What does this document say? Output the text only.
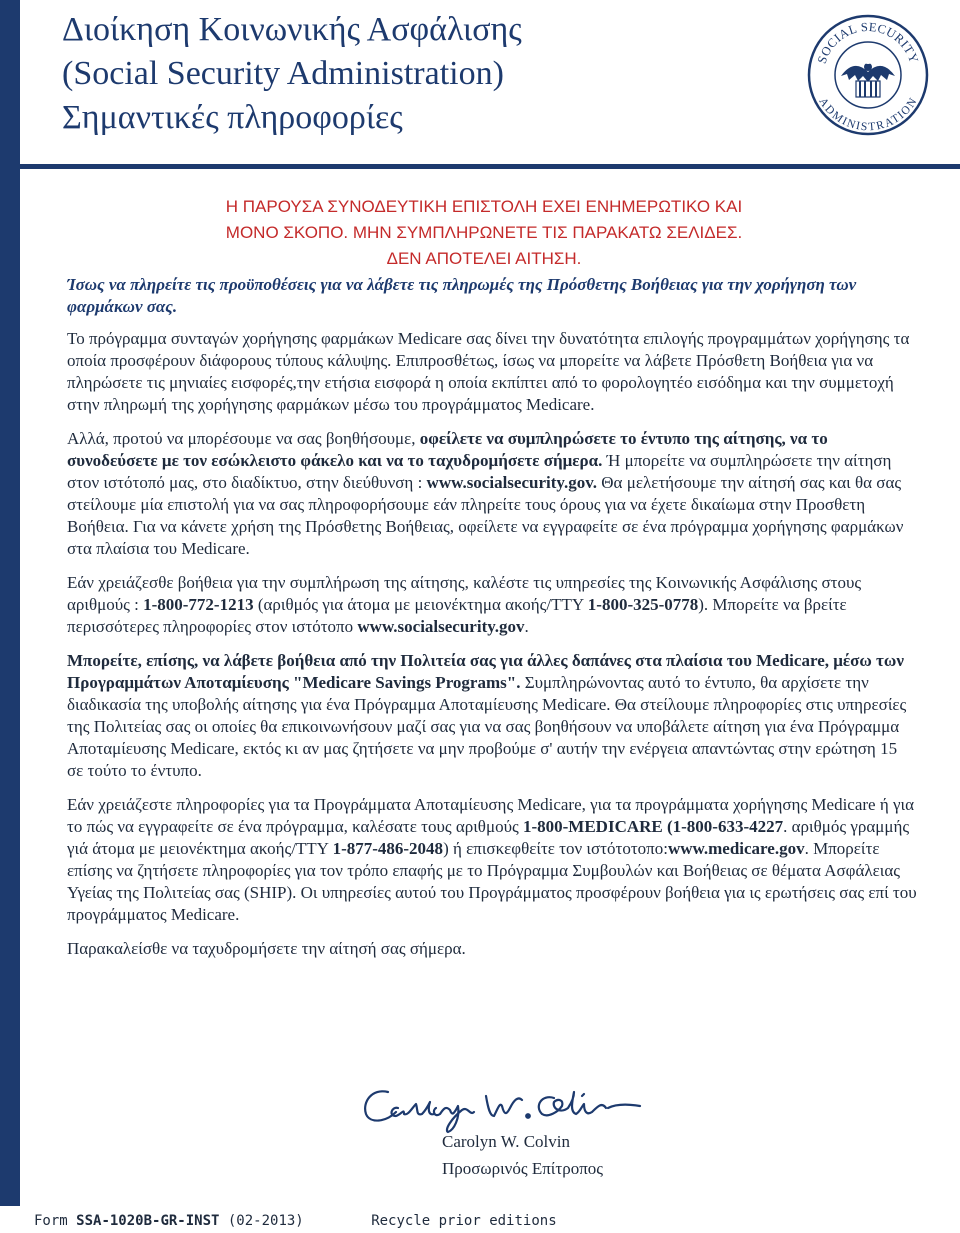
Διοίκηση Κοινωνικής Ασφάλισης
(Social Security Administration)
Σημαντικές πληροφορίες
SOCIAL SECURITY
ADMINISTRATION
USA
Η ΠΑΡΟΥΣΑ ΣΥΝΟΔΕΥΤΙΚΗ ΕΠΙΣΤΟΛΗ ΕΧΕΙ ΕΝΗΜΕΡΩΤΙΚΟ ΚΑΙ
ΜΟΝΟ ΣΚΟΠΟ. ΜΗΝ ΣΥΜΠΛΗΡΩΝΕΤΕ ΤΙΣ ΠΑΡΑΚΑΤΩ ΣΕΛΙΔΕΣ.
ΔΕΝ ΑΠΟΤΕΛΕΙ ΑΙΤΗΣΗ.

Ίσως να πληρείτε τις προϋποθέσεις για να λάβετε τις πληρωμές της Πρόσθετης Βοήθειας για την χορήγηση των φαρμάκων σας.

Το πρόγραμμα συνταγών χορήγησης φαρμάκων Medicare σας δίνει την δυνατότητα επιλογής προγραμμάτων χορήγησης τα οποία προσφέρουν διάφορους τύπους κάλυψης. Επιπροσθέτως, ίσως να μπορείτε να λάβετε Πρόσθετη Βοήθεια για να πληρώσετε τις μηνιαίες εισφορές,την ετήσια εισφορά η οποία εκπίπτει από το φορολογητέο εισόδημα και την συμμετοχή στην πληρωμή της χορήγησης φαρμάκων μέσω του προγράμματος Medicare.

Αλλά, προτού να μπορέσουμε να σας βοηθήσουμε, οφείλετε να συμπληρώσετε το έντυπο της αίτησης, να το συνοδεύσετε με τον εσώκλειστο φάκελο και να το ταχυδρομήσετε σήμερα. Ή μπορείτε να συμπληρώσετε την αίτηση στον ιστότοπό μας, στο διαδίκτυο, στην διεύθυνση : www.socialsecurity.gov. Θα μελετήσουμε την αίτησή σας και θα σας στείλουμε μία επιστολή για να σας πληροφορήσουμε εάν πληρείτε τους όρους για να έχετε δικαίωμα στην Προσθετη Βοήθεια. Για να κάνετε χρήση της Πρόσθετης Βοήθειας, οφείλετε να εγγραφείτε σε ένα πρόγραμμα χορήγησης φαρμάκων στα πλαίσια του Medicare.

Εάν χρειάζεσθε βοήθεια για την συμπλήρωση της αίτησης, καλέστε τις υπηρεσίες της Κοινωνικής Ασφάλισης στους αριθμούς : 1-800-772-1213 (αριθμός για άτομα με μειονέκτημα ακοής/TTY 1-800-325-0778). Μπορείτε να βρείτε περισσότερες πληροφορίες στον ιστότοπο www.socialsecurity.gov.

Μπορείτε, επίσης, να λάβετε βοήθεια από την Πολιτεία σας για άλλες δαπάνες στα πλαίσια του Medicare, μέσω των Προγραμμάτων Αποταμίευσης "Medicare Savings Programs". Συμπληρώνοντας αυτό το έντυπο, θα αρχίσετε την διαδικασία της υποβολής αίτησης για ένα Πρόγραμμα Αποταμίευσης Medicare. Θα στείλουμε πληροφορίες στις υπηρεσίες της Πολιτείας σας οι οποίες θα επικοινωνήσουν μαζί σας για να σας βοηθήσουν να υποβάλετε αίτηση για ένα Πρόγραμμα Αποταμίευσης Medicare, εκτός κι αν μας ζητήσετε να μην προβούμε σ' αυτήν την ενέργεια απαντώντας στην ερώτηση 15 σε τούτο το έντυπο.

Εάν χρειάζεστε πληροφορίες για τα Προγράμματα Αποταμίευσης Medicare, για τα προγράμματα χορήγησης Medicare ή για το πώς να εγγραφείτε σε ένα πρόγραμμα, καλέσατε τους αριθμούς 1-800-MEDICARE (1-800-633-4227. αριθμός γραμμής γιά άτομα με μειονέκτημα ακοής/TTY 1-877-486-2048) ή επισκεφθείτε τον ιστότοτοπο:www.medicare.gov. Μπορείτε επίσης να ζητήσετε πληροφορίες για τον τρόπο επαφής με το Πρόγραμμα Συμβουλών και Βοήθειας σε θέματα Ασφάλειας Υγείας της Πολιτείας σας (SHIP). Οι υπηρεσίες αυτού του Προγράμματος προσφέρουν βοήθεια για ις ερωτήσεις σας επί του προγράμματος Medicare.

Παρακαλείσθε να ταχυδρομήσετε την αίτησή σας σήμερα.

Carolyn W. Colvin
Προσωρινός Επίτροπος
Form SSA-1020B-GR-INST (02-2013)	Recycle prior editions
